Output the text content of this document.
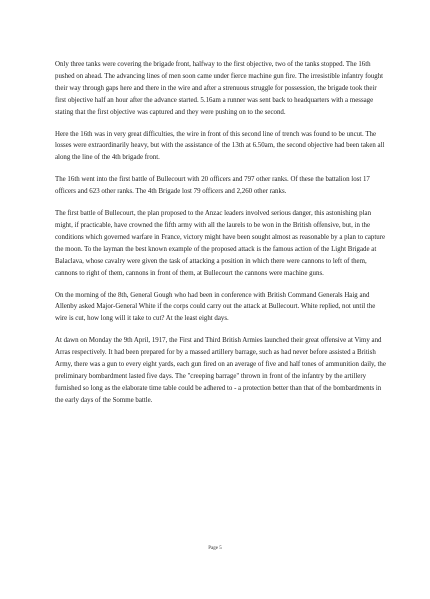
Only three tanks were covering the brigade front, halfway to the first objective, two of the tanks stopped. The 16th pushed on ahead. The advancing lines of men soon came under fierce machine gun fire. The irresistible infantry fought their way through gaps here and there in the wire and after a strenuous struggle for possession, the brigade took their first objective half an hour after the advance started. 5.16am a runner was sent back to headquarters with a message stating that the first objective was captured and they were pushing on to the second.

Here the 16th was in very great difficulties, the wire in front of this second line of trench was found to be uncut. The losses were extraordinarily heavy, but with the assistance of the 13th at 6.50am, the second objective had been taken all along the line of the 4th brigade front.

The 16th went into the first battle of Bullecourt with 20 officers and 797 other ranks. Of these the battalion lost 17 officers and 623 other ranks. The 4th Brigade lost 79 officers and 2,260 other ranks.

The first battle of Bullecourt, the plan proposed to the Anzac leaders involved serious danger, this astonishing plan might, if practicable, have crowned the fifth army with all the laurels to be won in the British offensive, but, in the conditions which governed warfare in France, victory might have been sought almost as reasonable by a plan to capture the moon. To the layman the best known example of the proposed attack is the famous action of the Light Brigade at Balaclava, whose cavalry were given the task of attacking a position in which there were cannons to left of them, cannons to right of them, cannons in front of them, at Bullecourt the cannons were machine guns.

On the morning of the 8th, General Gough who had been in conference with British Command Generals Haig and Allenby asked Major-General White if the corps could carry out the attack at Bullecourt. White replied, not until the wire is cut, how long will it take to cut? At the least eight days.

At dawn on Monday the 9th April, 1917, the First and Third British Armies launched their great offensive at Vimy and Arras respectively. It had been prepared for by a massed artillery barrage, such as had never before assisted a British Army, there was a gun to every eight yards, each gun fired on an average of five and half tones of ammunition daily, the preliminary bombardment lasted five days. The "creeping barrage" thrown in front of the infantry by the artillery furnished so long as the elaborate time table could be adhered to - a protection better than that of the bombardments in the early days of the Somme battle.

Page 5
